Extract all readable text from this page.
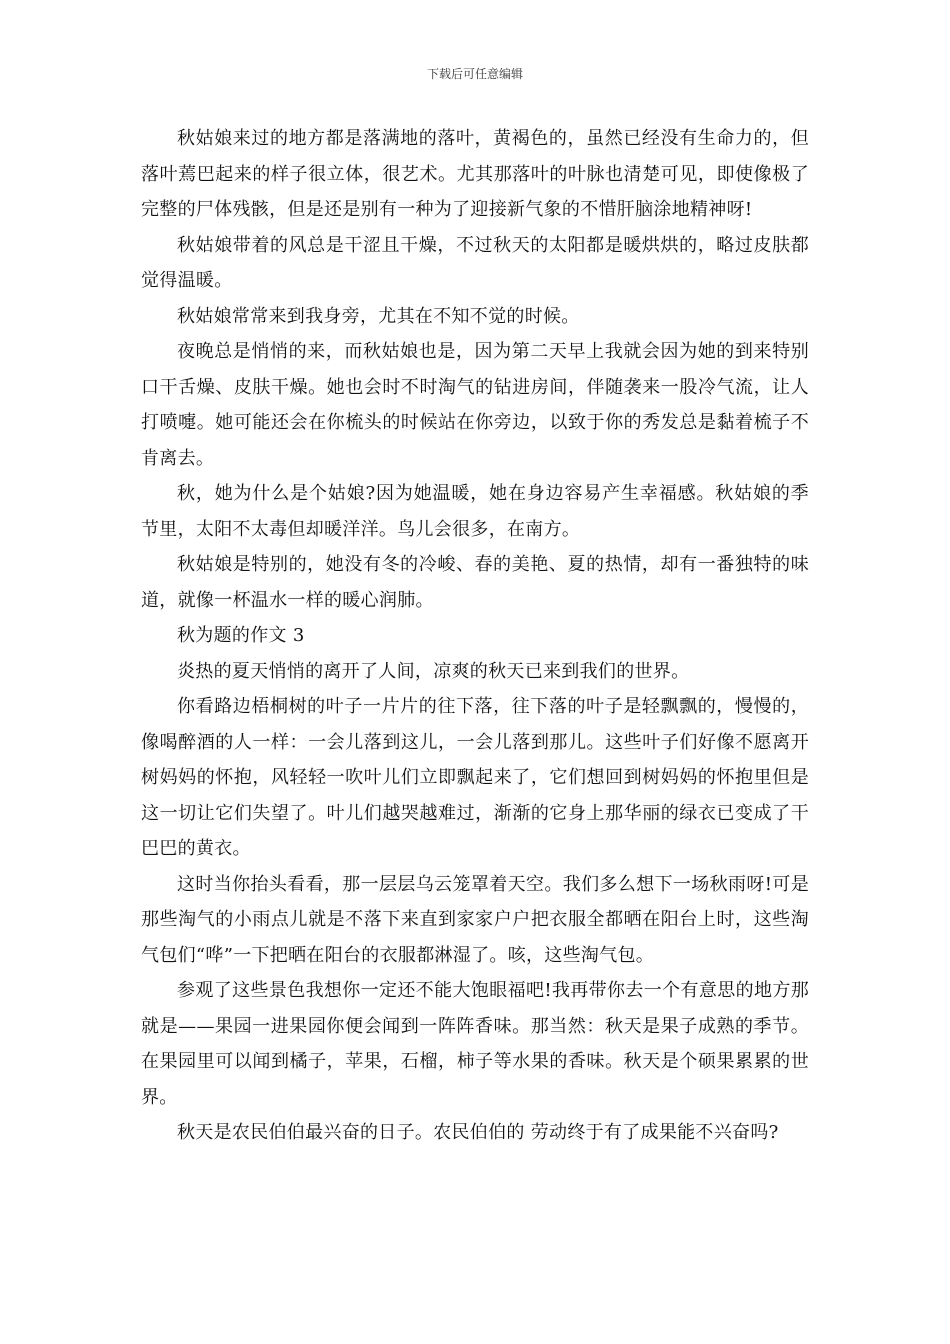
下载后可任意编辑

秋姑娘来过的地方都是落满地的落叶，黄褐色的，虽然已经没有生命力的，但落叶蔫巴起来的样子很立体，很艺术。尤其那落叶的叶脉也清楚可见，即使像极了完整的尸体残骸，但是还是别有一种为了迎接新气象的不惜肝脑涂地精神呀!

秋姑娘带着的风总是干涩且干燥，不过秋天的太阳都是暖烘烘的，略过皮肤都觉得温暖。

秋姑娘常常来到我身旁，尤其在不知不觉的时候。

夜晚总是悄悄的来，而秋姑娘也是，因为第二天早上我就会因为她的到来特别口干舌燥、皮肤干燥。她也会时不时淘气的钻进房间，伴随袭来一股冷气流，让人打喷嚏。她可能还会在你梳头的时候站在你旁边，以致于你的秀发总是黏着梳子不肯离去。

秋，她为什么是个姑娘?因为她温暖，她在身边容易产生幸福感。秋姑娘的季节里，太阳不太毒但却暖洋洋。鸟儿会很多，在南方。

秋姑娘是特别的，她没有冬的冷峻、春的美艳、夏的热情，却有一番独特的味道，就像一杯温水一样的暖心润肺。

秋为题的作文 3

炎热的夏天悄悄的离开了人间，凉爽的秋天已来到我们的世界。

你看路边梧桐树的叶子一片片的往下落，往下落的叶子是轻飘飘的，慢慢的，像喝醉酒的人一样：一会儿落到这儿，一会儿落到那儿。这些叶子们好像不愿离开树妈妈的怀抱，风轻轻一吹叶儿们立即飘起来了，它们想回到树妈妈的怀抱里但是这一切让它们失望了。叶儿们越哭越难过，渐渐的它身上那华丽的绿衣已变成了干巴巴的黄衣。

这时当你抬头看看，那一层层乌云笼罩着天空。我们多么想下一场秋雨呀!可是那些淘气的小雨点儿就是不落下来直到家家户户把衣服全都晒在阳台上时，这些淘气包们“哗”一下把晒在阳台的衣服都淋湿了。咳，这些淘气包。

参观了这些景色我想你一定还不能大饱眼福吧!我再带你去一个有意思的地方那就是——果园一进果园你便会闻到一阵阵香味。那当然：秋天是果子成熟的季节。在果园里可以闻到橘子，苹果，石榴，柿子等水果的香味。秋天是个硕果累累的世界。

秋天是农民伯伯最兴奋的日子。农民伯伯的 劳动终于有了成果能不兴奋吗?
